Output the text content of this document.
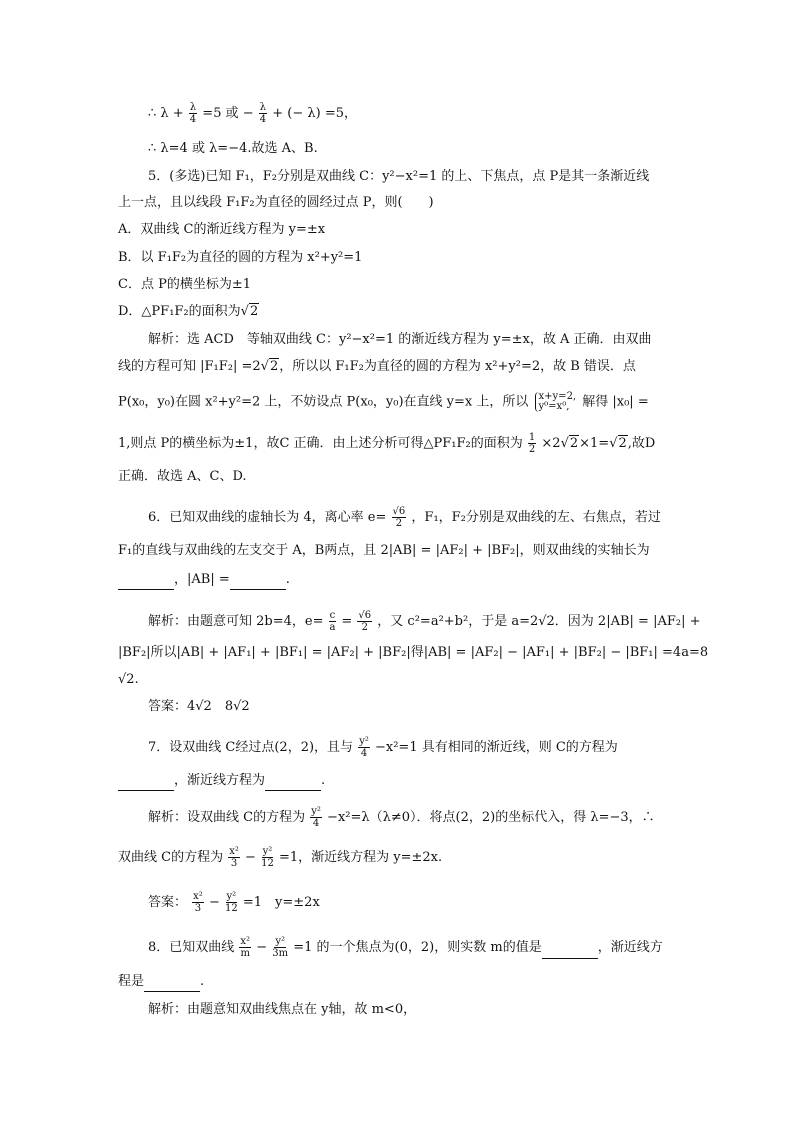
∴ $\lambda + \frac{\lambda}{4} =5$ 或 − $\frac{\lambda}{4}$ + (− λ) =5，
∴ λ=4 或 λ=−4.故选 A、B.
5．(多选)已知 F₁，F₂分别是双曲线 C：y²−x²=1 的上、下焦点，点 P是其一条渐近线
上一点，且以线段 F₁F₂为直径的圆经过点 P，则(　　)
A．双曲线 C的渐近线方程为 y=±x
B．以 F₁F₂为直径的圆的方程为 x²+y²=1
C．点 P的横坐标为±1
D．△PF₁F₂的面积为√2
解析：选 ACD　等轴双曲线 C：y²−x²=1 的渐近线方程为 y=±x，故 A 正确．由双曲
线的方程可知 |F₁F₂| =2√2，所以以 F₁F₂为直径的圆的方程为 x²+y²=2，故 B 错误．点
P(x₀，y₀)在圆 x²+y²=2 上，不妨设点 P(x₀，y₀)在直线 y=x 上，所以 x+y=2,
y⁰=x⁰, 解得 |x₀| =
1,则点 P的横坐标为±1，故C 正确．由上述分析可得△PF₁F₂的面积为 $\frac{1}{2} \times 2√2\times 1=√2$,故D
正确．故选 A、C、D.
6．已知双曲线的虚轴长为 4，离心率 $e= \frac{√6}{2}$ ，F₁，F₂分别是双曲线的左、右焦点，若过
F₁的直线与双曲线的左支交于 A，B两点，且 2|AB| = |AF₂| + |BF₂|，则双曲线的实轴长为
，|AB| =	.
解析：由题意可知 2b=4，$e= \frac{c}{a} = \frac{√6}{2}$ ，又 c²=a²+b²，于是 a=2√2．因为 2|AB| = |AF₂| +
|BF₂|所以|AB| + |AF₁| + |BF₁| = |AF₂| + |BF₂|得|AB| = |AF₂| − |AF₁| + |BF₂| − |BF₁| =4a=8
√2.
答案：4√2　8√2
7．设双曲线 C经过点(2，2)，且与 $\frac{\text{y²}}{4} -x^2=1$ 具有相同的渐近线，则 C的方程为
，渐近线方程为	.
解析：设双曲线 C的方程为 $\frac{\text{y²}}{4} -x^2=\lambda(\lambda\ne 0)$．将点(2，2)的坐标代入，得 λ=−3，∴
双曲线 C的方程为 $\frac{\text{x²}}{3} - \frac{\text{y²}}{12} =1$，渐近线方程为 y=±2x.
答案： $\frac{\text{x²}}{3} - \frac{\text{y²}}{12} =1$　y=±2x
8．已知双曲线 $\frac{\text{x²}}{m} - \frac{\text{y²}}{3m} =1$ 的一个焦点为(0，2)，则实数 m的值是	，渐近线方
程是	.
解析：由题意知双曲线焦点在 y轴，故 m<0，
